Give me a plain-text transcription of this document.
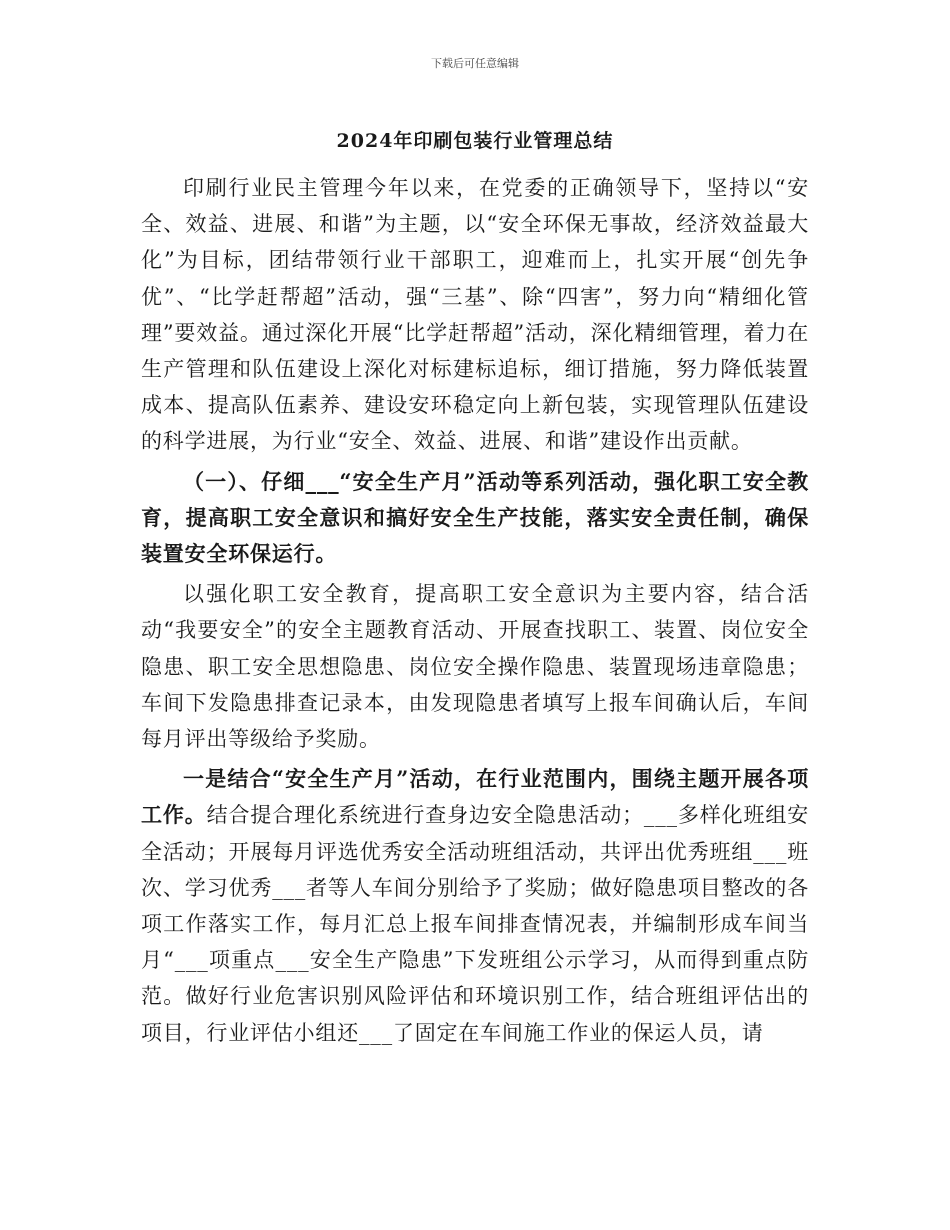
下载后可任意编辑
2024年印刷包装行业管理总结

印刷行业民主管理今年以来，在党委的正确领导下，坚持以“安全、效益、进展、和谐”为主题，以“安全环保无事故，经济效益最大化”为目标，团结带领行业干部职工，迎难而上，扎实开展“创先争优”、“比学赶帮超”活动，强“三基”、除“四害”，努力向“精细化管理”要效益。通过深化开展“比学赶帮超”活动，深化精细管理，着力在生产管理和队伍建设上深化对标建标追标，细订措施，努力降低装置成本、提高队伍素养、建设安环稳定向上新包装，实现管理队伍建设的科学进展，为行业“安全、效益、进展、和谐”建设作出贡献。

（一）、仔细___“安全生产月”活动等系列活动，强化职工安全教育，提高职工安全意识和搞好安全生产技能，落实安全责任制，确保装置安全环保运行。

以强化职工安全教育，提高职工安全意识为主要内容，结合活动“我要安全”的安全主题教育活动、开展查找职工、装置、岗位安全隐患、职工安全思想隐患、岗位安全操作隐患、装置现场违章隐患；车间下发隐患排查记录本，由发现隐患者填写上报车间确认后，车间每月评出等级给予奖励。

一是结合“安全生产月”活动，在行业范围内，围绕主题开展各项工作。结合提合理化系统进行查身边安全隐患活动；___多样化班组安全活动；开展每月评选优秀安全活动班组活动，共评出优秀班组___班次、学习优秀___者等人车间分别给予了奖励；做好隐患项目整改的各项工作落实工作，每月汇总上报车间排查情况表，并编制形成车间当月“___项重点___安全生产隐患”下发班组公示学习，从而得到重点防范。做好行业危害识别风险评估和环境识别工作，结合班组评估出的项目，行业评估小组还___了固定在车间施工作业的保运人员，请
